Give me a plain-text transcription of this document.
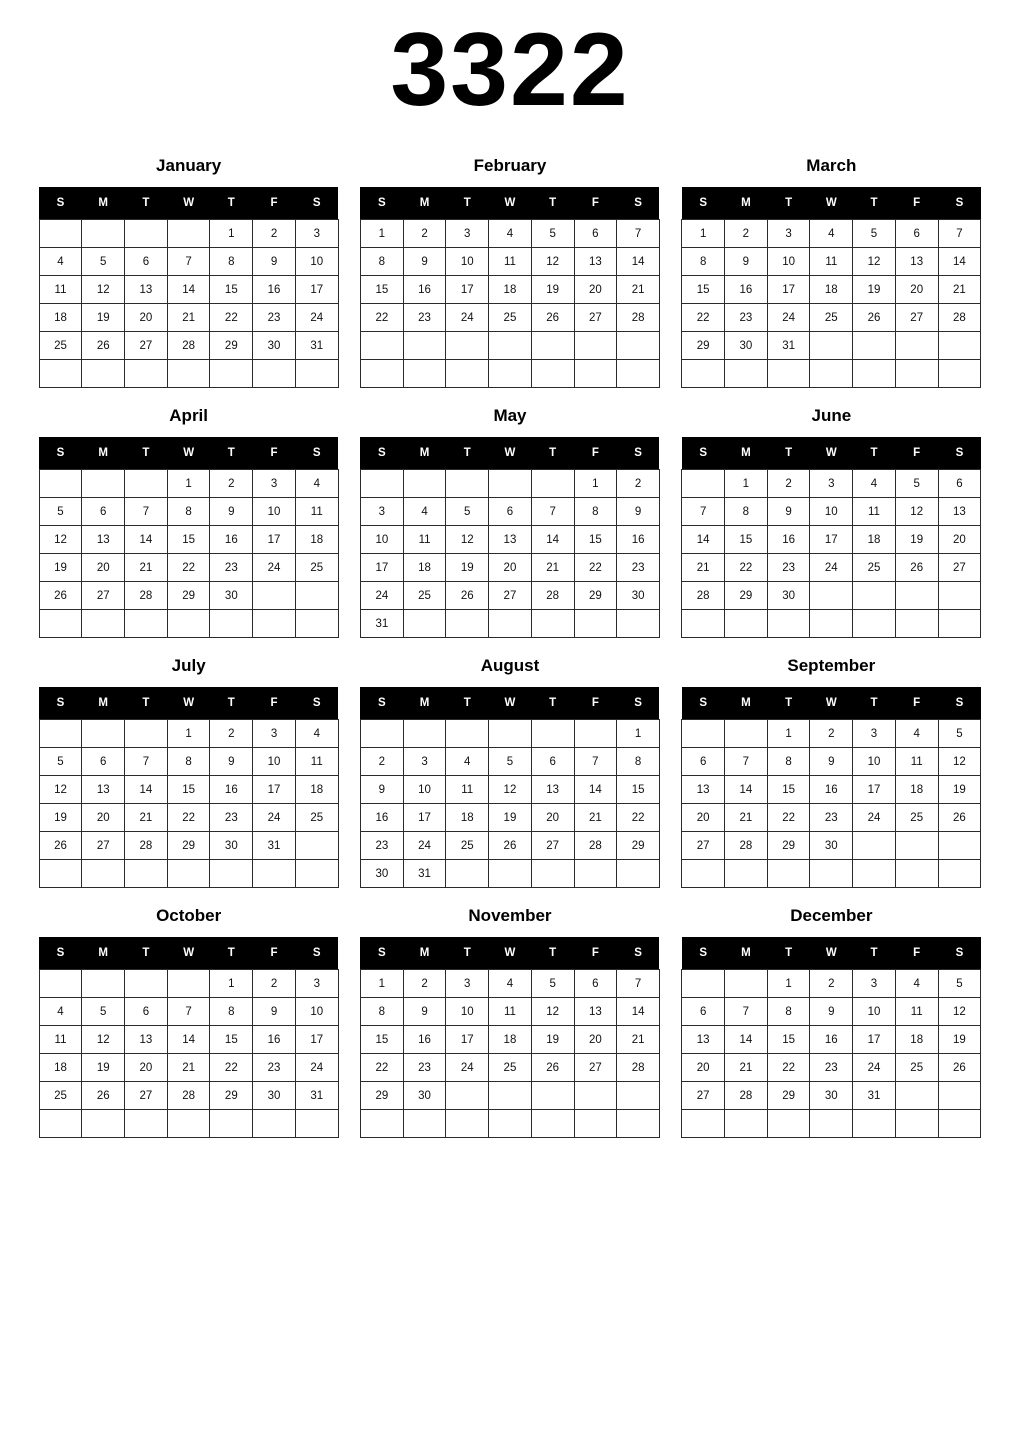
3322
January
S	M	T	W	T	F	S
				1	2	3
4	5	6	7	8	9	10
11	12	13	14	15	16	17
18	19	20	21	22	23	24
25	26	27	28	29	30	31

February
S	M	T	W	T	F	S
1	2	3	4	5	6	7
8	9	10	11	12	13	14
15	16	17	18	19	20	21
22	23	24	25	26	27	28

March
S	M	T	W	T	F	S
1	2	3	4	5	6	7
8	9	10	11	12	13	14
15	16	17	18	19	20	21
22	23	24	25	26	27	28
29	30	31				

April
S	M	T	W	T	F	S
			1	2	3	4
5	6	7	8	9	10	11
12	13	14	15	16	17	18
19	20	21	22	23	24	25
26	27	28	29	30		

May
S	M	T	W	T	F	S
					1	2
3	4	5	6	7	8	9
10	11	12	13	14	15	16
17	18	19	20	21	22	23
24	25	26	27	28	29	30
31						
June
S	M	T	W	T	F	S
	1	2	3	4	5	6
7	8	9	10	11	12	13
14	15	16	17	18	19	20
21	22	23	24	25	26	27
28	29	30				

July
S	M	T	W	T	F	S
			1	2	3	4
5	6	7	8	9	10	11
12	13	14	15	16	17	18
19	20	21	22	23	24	25
26	27	28	29	30	31	

August
S	M	T	W	T	F	S
						1
2	3	4	5	6	7	8
9	10	11	12	13	14	15
16	17	18	19	20	21	22
23	24	25	26	27	28	29
30	31					
September
S	M	T	W	T	F	S
		1	2	3	4	5
6	7	8	9	10	11	12
13	14	15	16	17	18	19
20	21	22	23	24	25	26
27	28	29	30			

October
S	M	T	W	T	F	S
				1	2	3
4	5	6	7	8	9	10
11	12	13	14	15	16	17
18	19	20	21	22	23	24
25	26	27	28	29	30	31

November
S	M	T	W	T	F	S
1	2	3	4	5	6	7
8	9	10	11	12	13	14
15	16	17	18	19	20	21
22	23	24	25	26	27	28
29	30					

December
S	M	T	W	T	F	S
		1	2	3	4	5
6	7	8	9	10	11	12
13	14	15	16	17	18	19
20	21	22	23	24	25	26
27	28	29	30	31		
